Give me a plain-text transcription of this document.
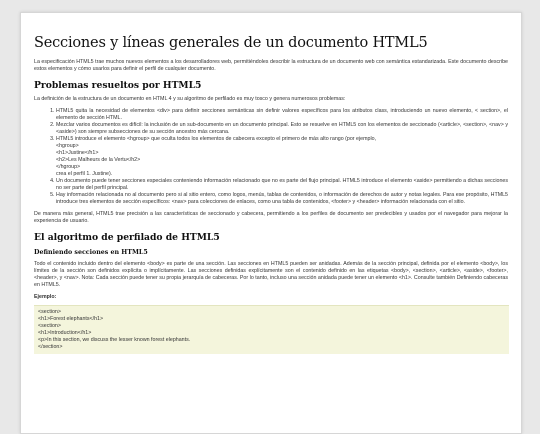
Secciones y líneas generales de un documento HTML5

La especificación HTML5 trae muchos nuevos elementos a los desarrolladores web, permitiéndoles describir la estructura de un documento web con semántica estandarizada. Este documento describe estos elementos y cómo usarlos para definir el perfil de cualquier documento.

Problemas resueltos por HTML5

La definición de la estructura de un documento en HTML 4 y su algoritmo de perfilado es muy tosco y genera numerosos problemas:

1. HTML5 quita la necesidad de elementos <div> para definir secciones semánticas sin definir valores específicos para los atributos class, introduciendo un nuevo elemento, < section>, el elemento de sección HTML.
2. Mezclar varios documentos es difícil: la inclusión de un sub-documento en un documento principal. Esto se resuelve en HTML5 con los elementos de seccionado (<article>, <section>, <nav> y <aside>) son siempre subsecciones de su sección ancestro más cercana.
3. HTML5 introduce el elemento <hgroup> que oculta todos los elementos de cabecera excepto el primero de más alto rango (por ejemplo,
<hgroup>
<h1>Justine</h1>
<h2>Les Malheurs de la Vertu</h2>
</hgroup>
crea el perfil 1. Justine).
4. Un documento puede tener secciones especiales conteniendo información relacionado que no es parte del flujo principal. HTML5 introduce el elemento <aside> permitiendo a dichas secciones no ser parte del perfil principal.
5. Hay información relacionada no al documento pero si al sitio entero, como logos, menús, tablas de contenidos, o información de derechos de autor y notas legales. Para ese propósito, HTML5 introduce tres elementos de sección específicos: <nav> para colecciones de enlaces, como una tabla de contenidos, <footer> y <header> información relacionada con el sitio.

De manera más general, HTML5 trae precisión a las características de seccionado y cabecera, permitiendo a los perfiles de documento ser predecibles y usados por el navegador para mejorar la experiencia de usuario.

El algoritmo de perfilado de HTML5
Definiendo secciones en HTML5

Todo el contenido incluido dentro del elemento <body> es parte de una sección. Las secciones en HTML5 pueden ser anidadas. Además de la sección principal, definida por el elemento <body>, los límites de la sección son definidos explícita o implícitamente. Las secciones definidas explícitamente son el contenido definido en las etiquetas <body>, <section>, <article>, <aside>, <footer>, <header>, y <nav>. Nota: Cada sección puede tener su propia jerarquía de cabeceras. Por lo tanto, incluso una sección anidada puede tener un elemento <h1>. Consulte también Definiendo cabeceras en HTML5.

Ejemplo:

<section>
<h1>Forest elephants</h1>
<section>
<h1>Introduction</h1>
<p>In this section, we discuss the lesser known forest elephants.
</section>
